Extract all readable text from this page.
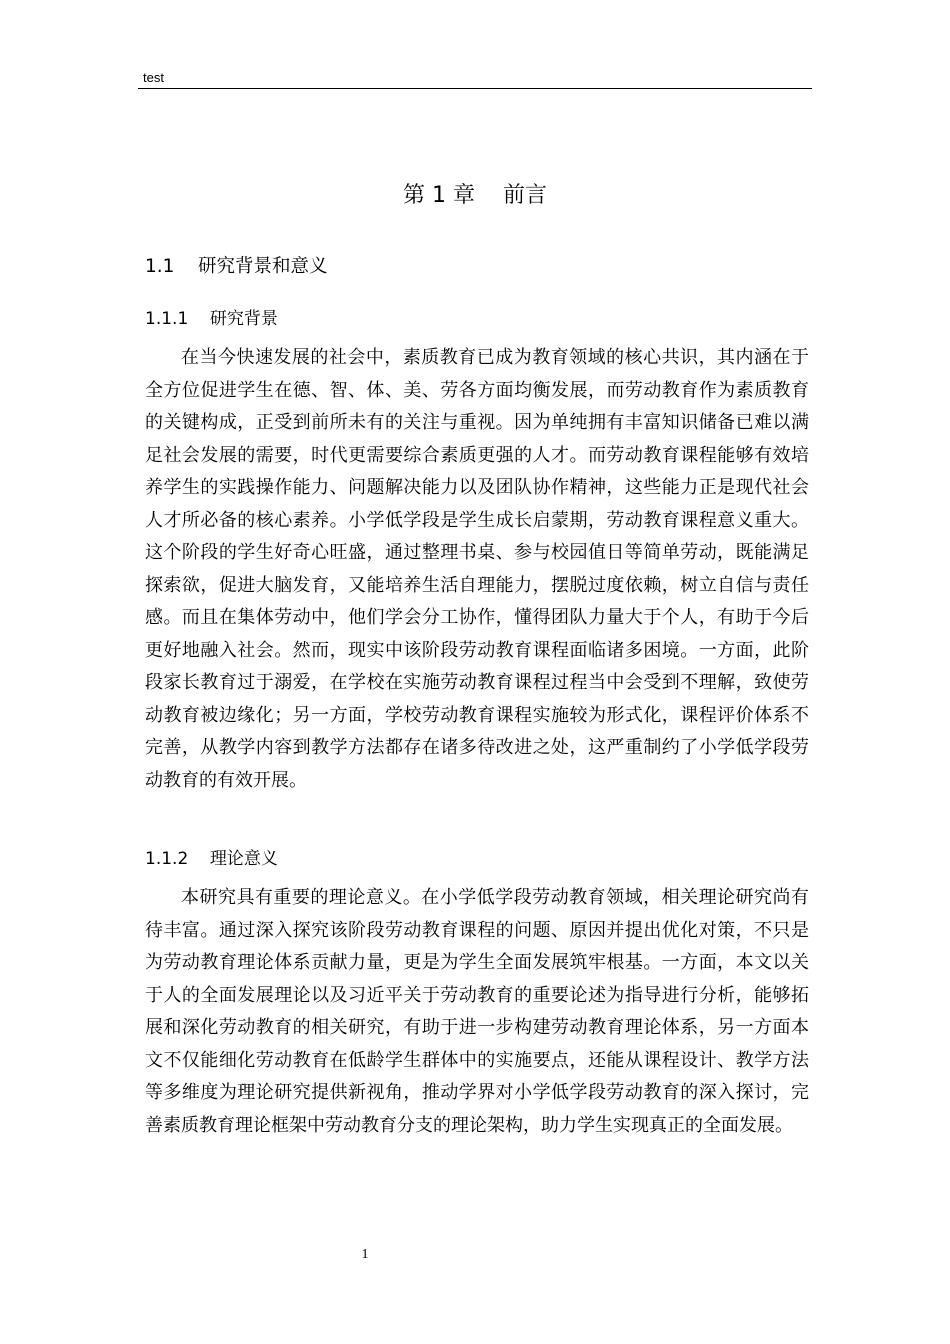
test
第 1 章    前言
1.1    研究背景和意义
1.1.1    研究背景

在当今快速发展的社会中，素质教育已成为教育领域的核心共识，其内涵在于全方位促进学生在德、智、体、美、劳各方面均衡发展，而劳动教育作为素质教育的关键构成，正受到前所未有的关注与重视。因为单纯拥有丰富知识储备已难以满足社会发展的需要，时代更需要综合素质更强的人才。而劳动教育课程能够有效培养学生的实践操作能力、问题解决能力以及团队协作精神，这些能力正是现代社会人才所必备的核心素养。小学低学段是学生成长启蒙期，劳动教育课程意义重大。这个阶段的学生好奇心旺盛，通过整理书桌、参与校园值日等简单劳动，既能满足探索欲，促进大脑发育，又能培养生活自理能力，摆脱过度依赖，树立自信与责任感。而且在集体劳动中，他们学会分工协作，懂得团队力量大于个人，有助于今后更好地融入社会。然而，现实中该阶段劳动教育课程面临诸多困境。一方面，此阶段家长教育过于溺爱，在学校在实施劳动教育课程过程当中会受到不理解，致使劳动教育被边缘化；另一方面，学校劳动教育课程实施较为形式化，课程评价体系不完善，从教学内容到教学方法都存在诸多待改进之处，这严重制约了小学低学段劳动教育的有效开展。

1.1.2    理论意义

本研究具有重要的理论意义。在小学低学段劳动教育领域，相关理论研究尚有待丰富。通过深入探究该阶段劳动教育课程的问题、原因并提出优化对策，不只是为劳动教育理论体系贡献力量，更是为学生全面发展筑牢根基。一方面，本文以关于人的全面发展理论以及习近平关于劳动教育的重要论述为指导进行分析，能够拓展和深化劳动教育的相关研究，有助于进一步构建劳动教育理论体系，另一方面本文不仅能细化劳动教育在低龄学生群体中的实施要点，还能从课程设计、教学方法等多维度为理论研究提供新视角，推动学界对小学低学段劳动教育的深入探讨，完善素质教育理论框架中劳动教育分支的理论架构，助力学生实现真正的全面发展。

1
